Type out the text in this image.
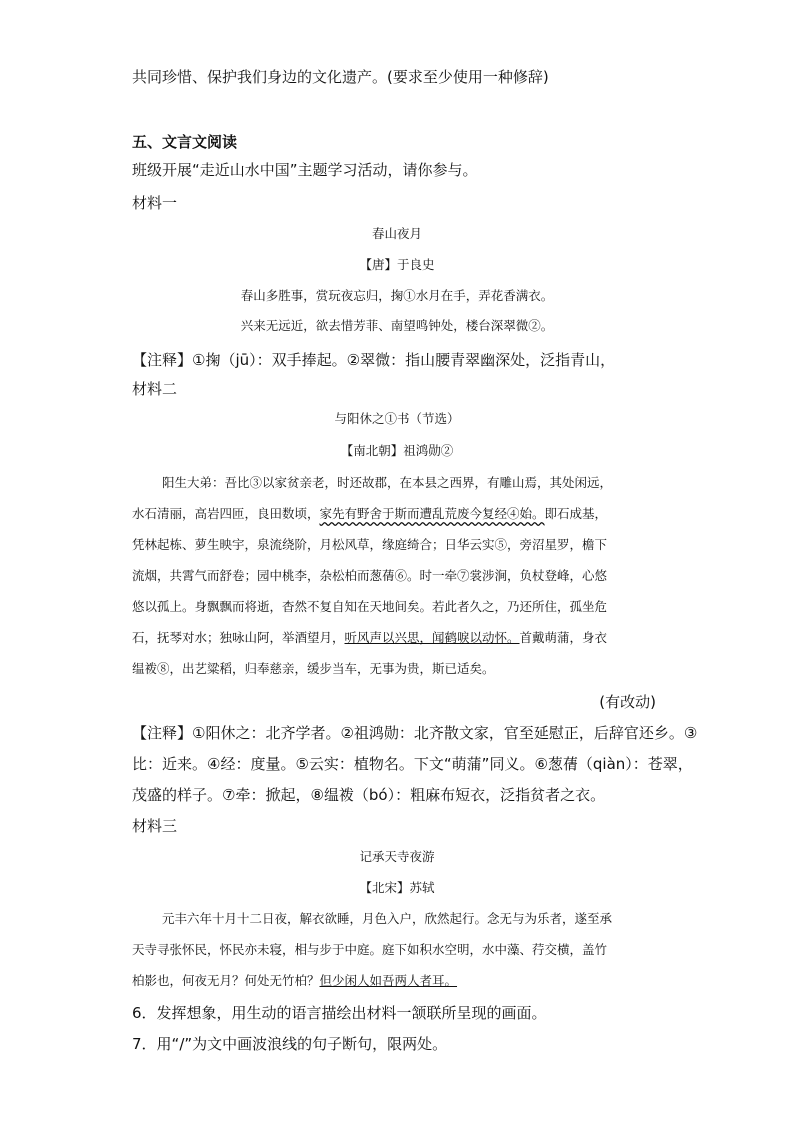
共同珍惜、保护我们身边的文化遗产。(要求至少使用一种修辞)
五、文言文阅读
班级开展“走近山水中国”主题学习活动，请你参与。
材料一
春山夜月
【唐】于良史
春山多胜事，赏玩夜忘归，掬①水月在手，弄花香满衣。
兴来无远近，欲去惜芳菲、南望鸣钟处，楼台深翠微②。
【注释】①掬（jū）：双手捧起。②翠微：指山腰青翠幽深处，泛指青山，
材料二
与阳休之①书（节选）
【南北朝】祖鸿勋②
阳生大弟：吾比③以家贫亲老，时还故郡，在本县之西界，有雕山焉，其处闲远，
水石清丽，高岩四匝，良田数顷，家先有野舍于斯而遭乱荒废今复经④始。即石成基，
凭林起栋、萝生映宇，泉流绕阶，月松风草，缘庭绮合；日华云实⑤，旁沼星罗，檐下
流烟，共霄气而舒卷；园中桃李，杂松柏而葱蒨⑥。时一牵⑦裳涉涧，负杖登峰，心悠
悠以孤上。身飘飘而将逝，杳然不复自知在天地间矣。若此者久之，乃还所住，孤坐危
石，抚琴对水；独咏山阿，举酒望月，听风声以兴思，闻鹤唳以动怀。首戴萌蒲，身衣
缊袯⑧，出艺粱稻，归奉慈亲，缓步当车，无事为贵，斯已适矣。
(有改动)
【注释】①阳休之：北齐学者。②祖鸿勋：北齐散文家，官至延慰正，后辞官还乡。③
比：近来。④经：度量。⑤云实：植物名。下文“萌蒲”同义。⑥葱蒨（qiàn）：苍翠，
茂盛的样子。⑦牵：掀起，⑧缊袯（bó）：粗麻布短衣，泛指贫者之衣。
材料三
记承天寺夜游
【北宋】苏轼
元丰六年十月十二日夜，解衣欲睡，月色入户，欣然起行。念无与为乐者，遂至承
天寺寻张怀民，怀民亦未寝，相与步于中庭。庭下如积水空明，水中藻、荇交横，盖竹
柏影也，何夜无月？何处无竹柏？但少闲人如吾两人者耳。
6．发挥想象，用生动的语言描绘出材料一颔联所呈现的画面。
7．用“/”为文中画波浪线的句子断句，限两处。
